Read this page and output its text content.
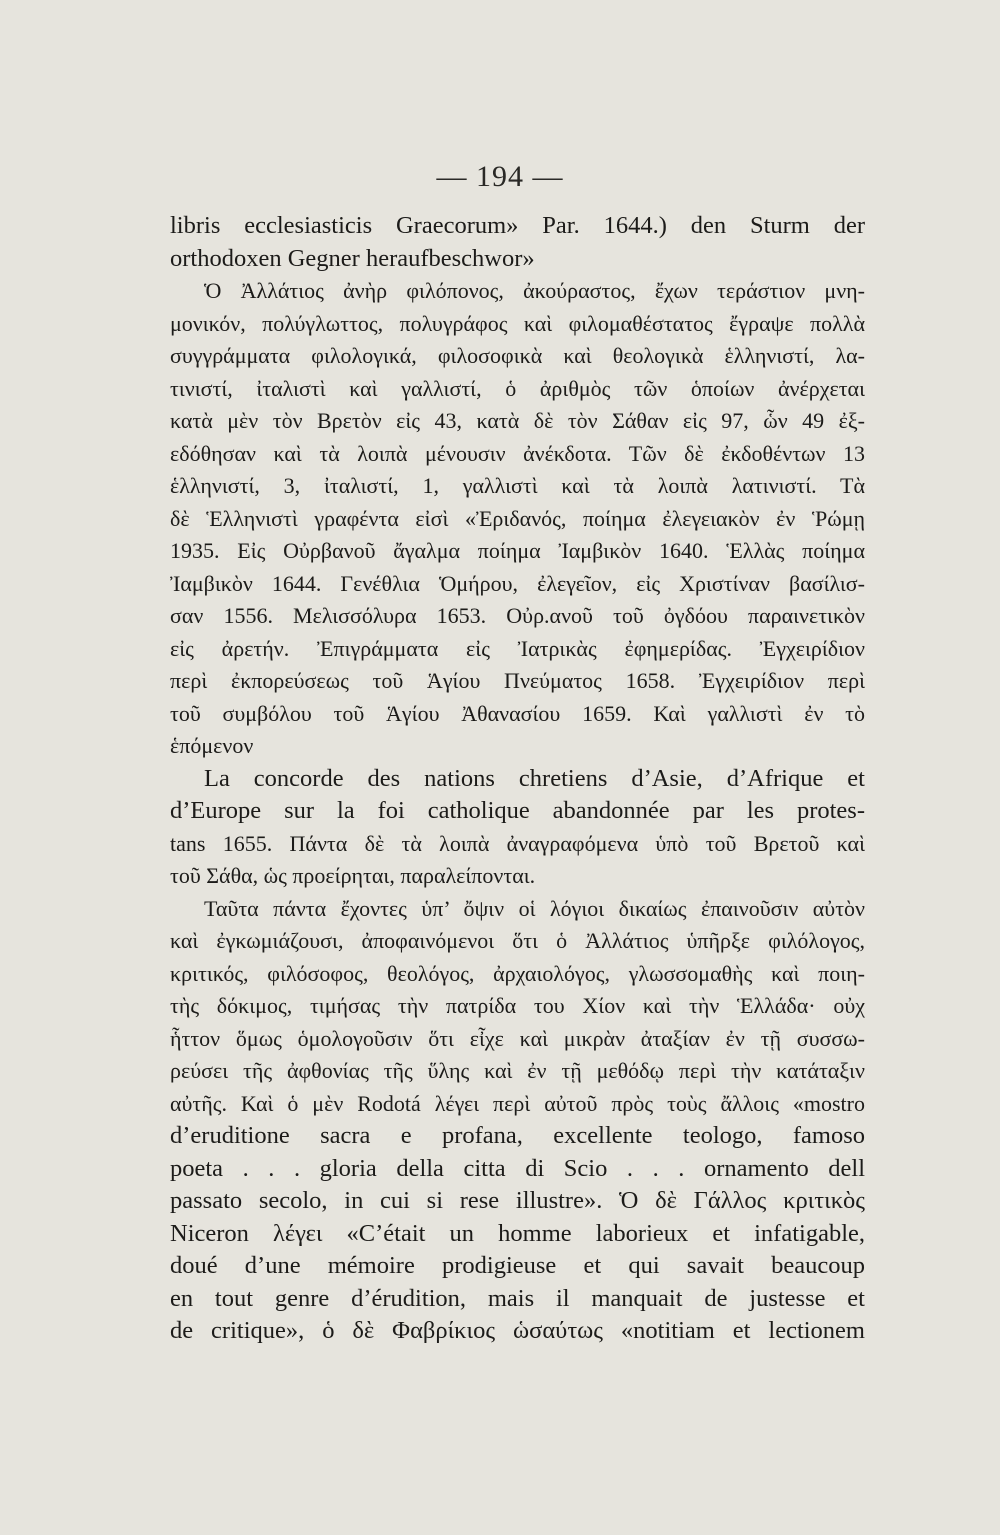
— 194 —
libris ecclesiasticis Graecorum» Par. 1644.) den Sturm der
orthodoxen Gegner heraufbeschwor»
Ὁ Ἀλλάτιος ἀνὴρ φιλόπονος, ἀκούραστος, ἔχων τεράστιον μνη-
μονικόν, πολύγλωττος, πολυγράφος καὶ φιλομαθέστατος ἔγραψε πολλὰ
συγγράμματα φιλολογικά, φιλοσοφικὰ καὶ θεολογικὰ ἑλληνιστί, λα-
τινιστί, ἰταλιστὶ καὶ γαλλιστί, ὁ ἀριθμὸς τῶν ὁποίων ἀνέρχεται
κατὰ μὲν τὸν Βρετὸν εἰς 43, κατὰ δὲ τὸν Σάθαν εἰς 97, ὧν 49 ἐξ-
εδόθησαν καὶ τὰ λοιπὰ μένουσιν ἀνέκδοτα. Τῶν δὲ ἐκδοθέντων 13
ἑλληνιστί, 3, ἰταλιστί, 1, γαλλιστὶ καὶ τὰ λοιπὰ λατινιστί. Τὰ
δὲ Ἑλληνιστὶ γραφέντα εἰσὶ «Ἐριδανός, ποίημα ἐλεγειακὸν ἐν Ῥώμῃ
1935. Εἰς Οὐρβανοῦ ἄγαλμα ποίημα Ἰαμβικὸν 1640. Ἑλλὰς ποίημα
Ἰαμβικὸν 1644. Γενέθλια Ὁμήρου, ἐλεγεῖον, εἰς Χριστίναν βασίλισ-
σαν 1556. Μελισσόλυρα 1653. Οὐρ.ανοῦ τοῦ ὀγδόου παραινετικὸν
εἰς ἀρετήν. Ἐπιγράμματα εἰς Ἰατρικὰς ἐφημερίδας. Ἐγχειρίδιον
περὶ ἐκπορεύσεως τοῦ Ἁγίου Πνεύματος 1658. Ἐγχειρίδιον περὶ
τοῦ συμβόλου τοῦ Ἁγίου Ἀθανασίου 1659. Καὶ γαλλιστὶ ἐν τὸ
ἑπόμενον
La concorde des nations chretiens d’Asie, d’Afrique et
d’Europe sur la foi catholique abandonnée par les protes-
tans 1655. Πάντα δὲ τὰ λοιπὰ ἀναγραφόμενα ὑπὸ τοῦ Βρετοῦ καὶ
τοῦ Σάθα, ὡς προείρηται, παραλείπονται.
Ταῦτα πάντα ἔχοντες ὑπ’ ὄψιν οἱ λόγιοι δικαίως ἐπαινοῦσιν αὐτὸν
καὶ ἐγκωμιάζουσι, ἀποφαινόμενοι ὅτι ὁ Ἀλλάτιος ὑπῆρξε φιλόλογος,
κριτικός, φιλόσοφος, θεολόγος, ἀρχαιολόγος, γλωσσομαθὴς καὶ ποιη-
τὴς δόκιμος, τιμήσας τὴν πατρίδα του Χίον καὶ τὴν Ἑλλάδα· οὐχ
ἧττον ὅμως ὁμολογοῦσιν ὅτι εἶχε καὶ μικρὰν ἀταξίαν ἐν τῇ συσσω-
ρεύσει τῆς ἀφθονίας τῆς ὕλης καὶ ἐν τῇ μεθόδῳ περὶ τὴν κατάταξιν
αὐτῆς. Καὶ ὁ μὲν Rodotá λέγει περὶ αὐτοῦ πρὸς τοὺς ἄλλοις «mostro
d’eruditione sacra e profana, excellente teologo, famoso
poeta . . . gloria della citta di Scio . . . ornamento dell
passato secolo, in cui si rese illustre». Ὁ δὲ Γάλλος κριτικὸς
Niceron λέγει «C’était un homme laborieux et infatigable,
doué d’une mémoire prodigieuse et qui savait beaucoup
en tout genre d’érudition, mais il manquait de justesse et
de critique», ὁ δὲ Φαβρίκιος ὡσαύτως «notitiam et lectionem
